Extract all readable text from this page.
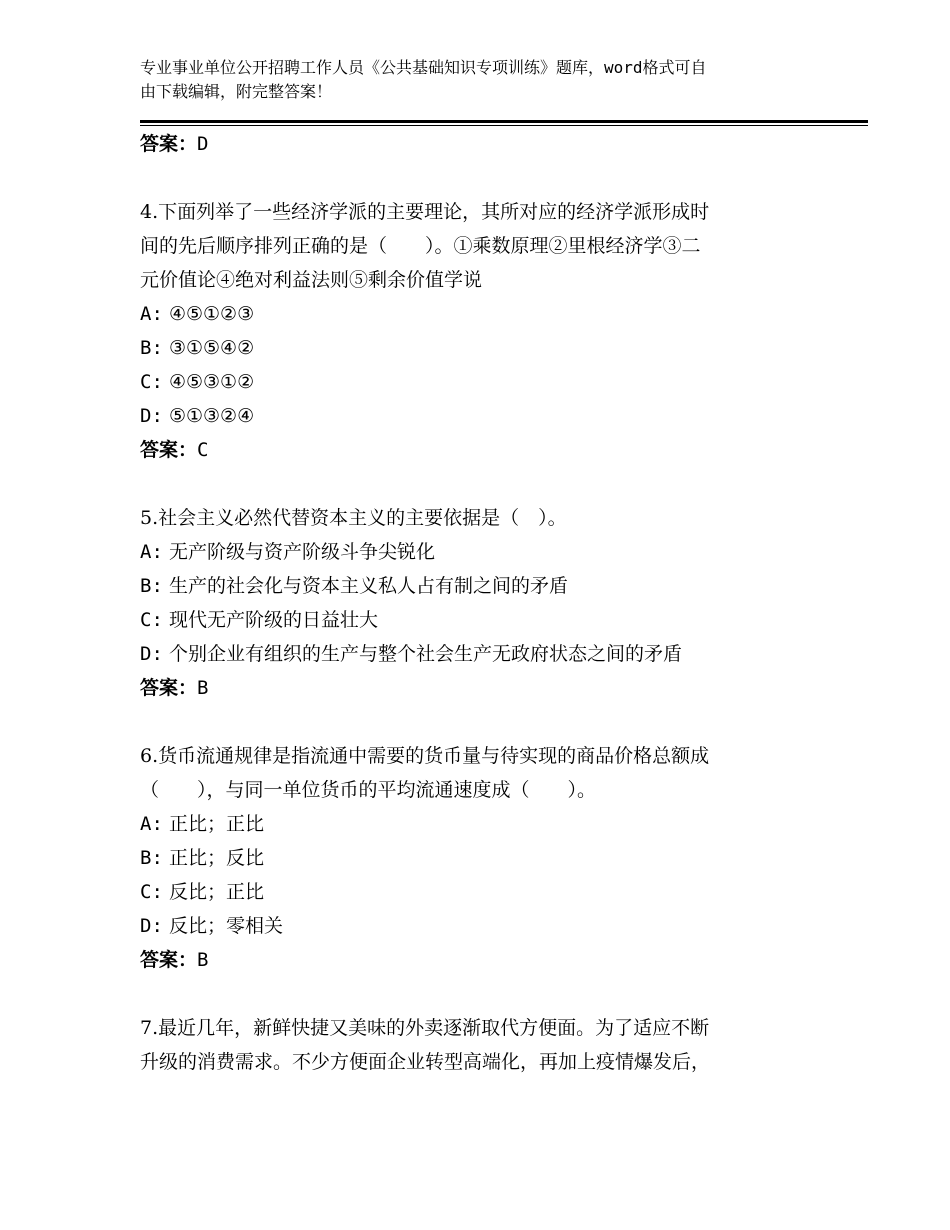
专业事业单位公开招聘工作人员《公共基础知识专项训练》题库，word格式可自
由下载编辑，附完整答案！
答案：D
4.下面列举了一些经济学派的主要理论，其所对应的经济学派形成时
间的先后顺序排列正确的是（　　）。①乘数原理②里根经济学③二
元价值论④绝对利益法则⑤剩余价值学说
A: ④⑤①②③
B: ③①⑤④②
C: ④⑤③①②
D: ⑤①③②④
答案：C
5.社会主义必然代替资本主义的主要依据是（　）。
A: 无产阶级与资产阶级斗争尖锐化
B: 生产的社会化与资本主义私人占有制之间的矛盾
C: 现代无产阶级的日益壮大
D: 个别企业有组织的生产与整个社会生产无政府状态之间的矛盾
答案：B
6.货币流通规律是指流通中需要的货币量与待实现的商品价格总额成
（　　），与同一单位货币的平均流通速度成（　　）。
A: 正比；正比
B: 正比；反比
C: 反比；正比
D: 反比；零相关
答案：B
7.最近几年，新鲜快捷又美味的外卖逐渐取代方便面。为了适应不断
升级的消费需求。不少方便面企业转型高端化，再加上疫情爆发后，
